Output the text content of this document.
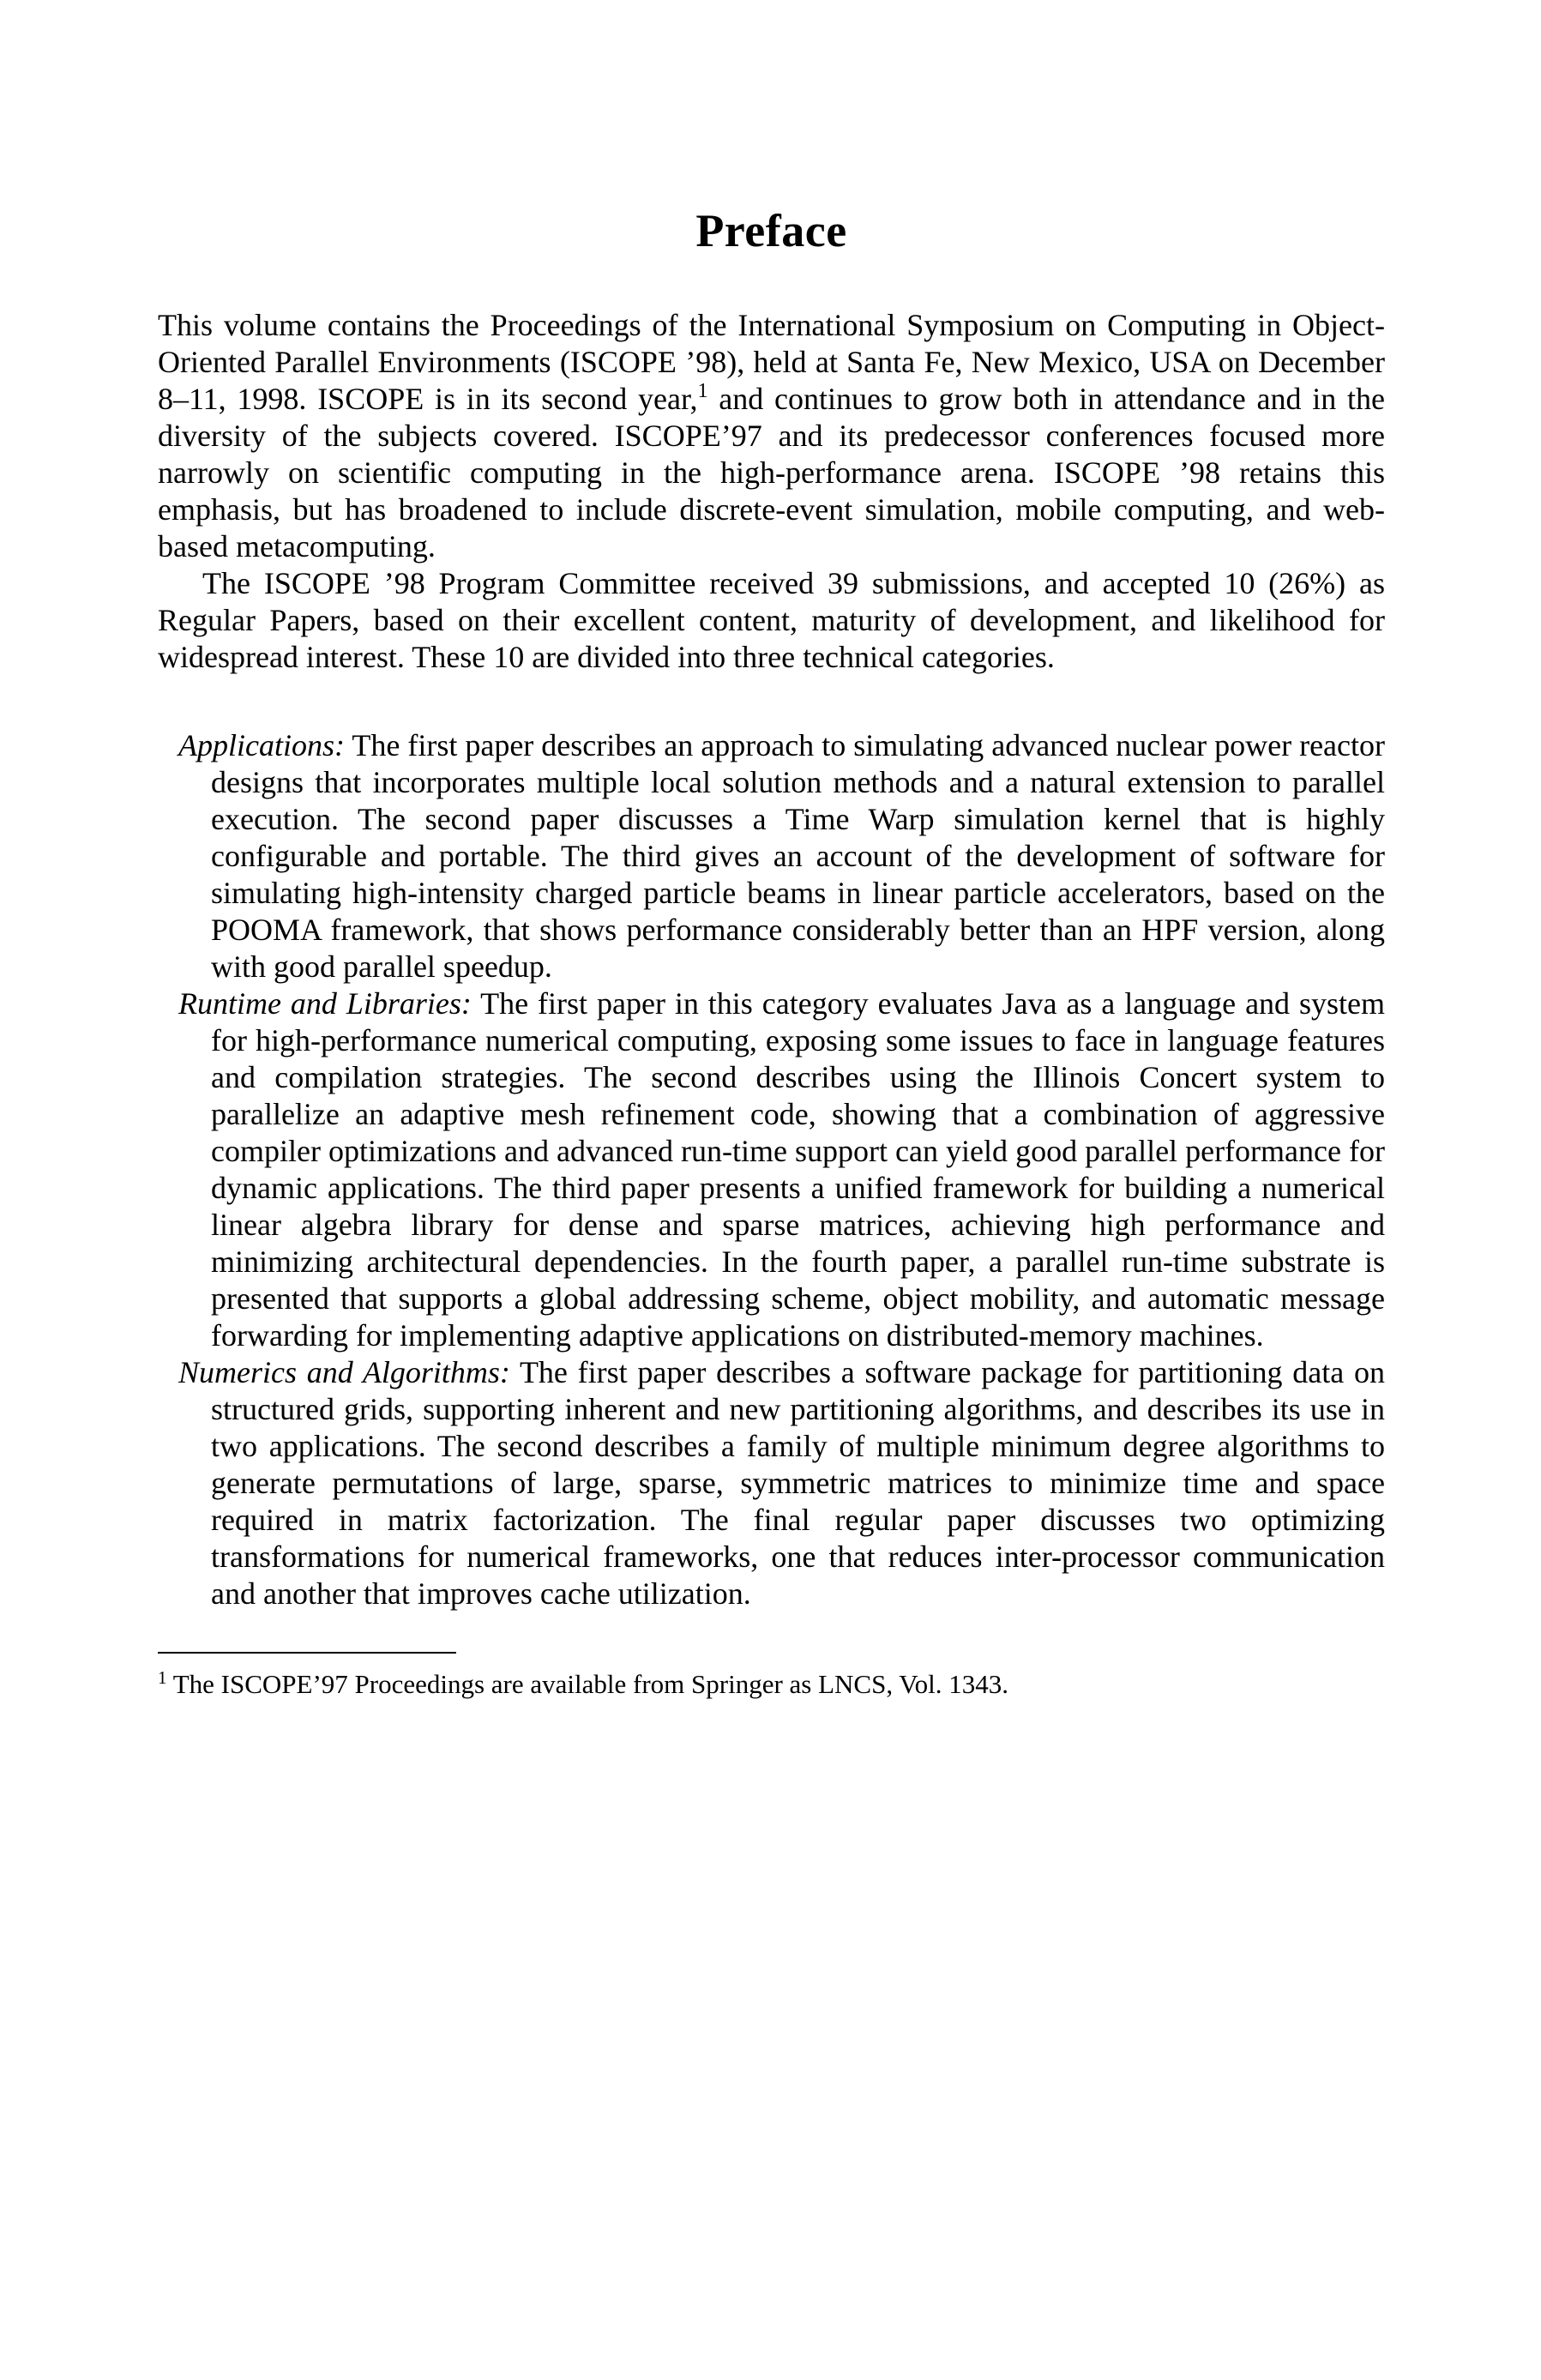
Preface

This volume contains the Proceedings of the International Symposium on Computing in Object-Oriented Parallel Environments (ISCOPE ’98), held at Santa Fe, New Mexico, USA on December 8–11, 1998. ISCOPE is in its second year,$^1$ and continues to grow both in attendance and in the diversity of the subjects covered. ISCOPE’97 and its predecessor conferences focused more narrowly on scientific computing in the high-performance arena. ISCOPE ’98 retains this emphasis, but has broadened to include discrete-event simulation, mobile computing, and web-based metacomputing.

The ISCOPE ’98 Program Committee received 39 submissions, and accepted 10 (26%) as Regular Papers, based on their excellent content, maturity of development, and likelihood for widespread interest. These 10 are divided into three technical categories.

Applications: The first paper describes an approach to simulating advanced nuclear power reactor designs that incorporates multiple local solution methods and a natural extension to parallel execution. The second paper discusses a Time Warp simulation kernel that is highly configurable and portable. The third gives an account of the development of software for simulating high-intensity charged particle beams in linear particle accelerators, based on the POOMA framework, that shows performance considerably better than an HPF version, along with good parallel speedup.

Runtime and Libraries: The first paper in this category evaluates Java as a language and system for high-performance numerical computing, exposing some issues to face in language features and compilation strategies. The second describes using the Illinois Concert system to parallelize an adaptive mesh refinement code, showing that a combination of aggressive compiler optimizations and advanced run-time support can yield good parallel performance for dynamic applications. The third paper presents a unified framework for building a numerical linear algebra library for dense and sparse matrices, achieving high performance and minimizing architectural dependencies. In the fourth paper, a parallel run-time substrate is presented that supports a global addressing scheme, object mobility, and automatic message forwarding for implementing adaptive applications on distributed-memory machines.

Numerics and Algorithms: The first paper describes a software package for partitioning data on structured grids, supporting inherent and new partitioning algorithms, and describes its use in two applications. The second describes a family of multiple minimum degree algorithms to generate permutations of large, sparse, symmetric matrices to minimize time and space required in matrix factorization. The final regular paper discusses two optimizing transformations for numerical frameworks, one that reduces inter-processor communication and another that improves cache utilization.

$^1$ The ISCOPE’97 Proceedings are available from Springer as LNCS, Vol. 1343.
